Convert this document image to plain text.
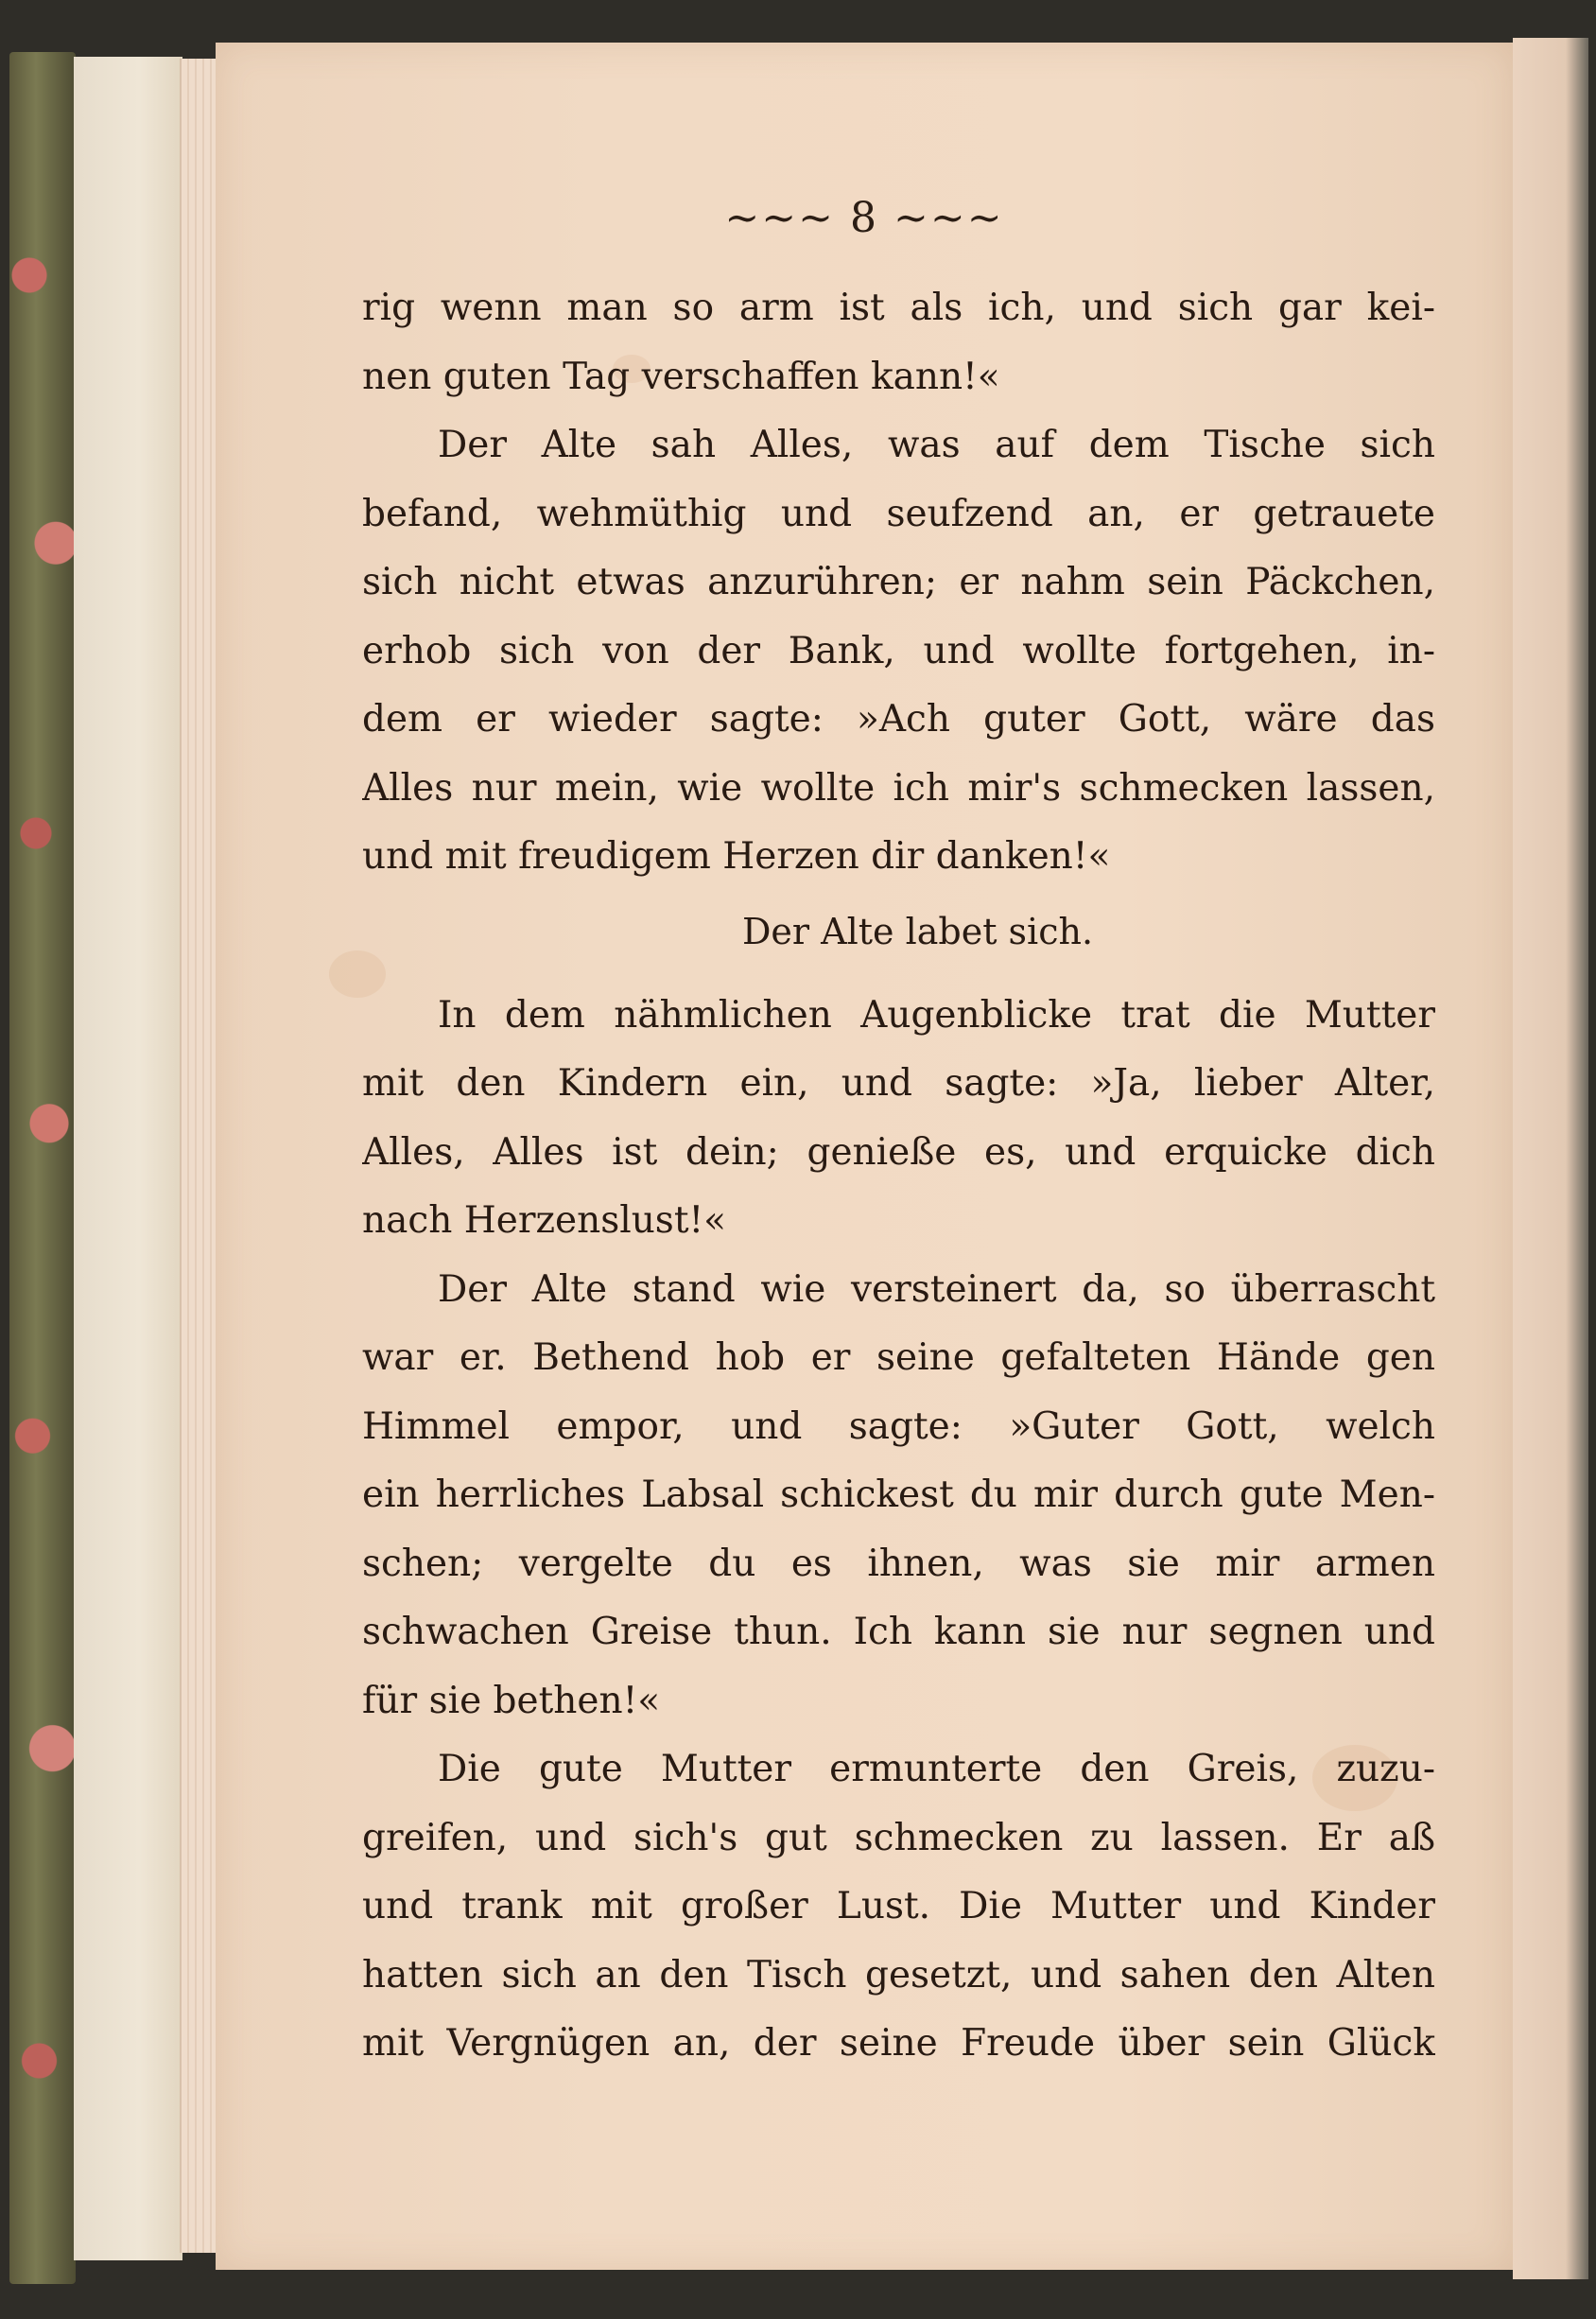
~~~ 8 ~~~
rig wenn man so arm ist als ich, und sich gar kei-
nen guten Tag verschaffen kann!«
Der Alte sah Alles, was auf dem Tische sich
befand, wehmüthig und seufzend an, er getrauete
sich nicht etwas anzurühren; er nahm sein Päckchen,
erhob sich von der Bank, und wollte fortgehen, in-
dem er wieder sagte: »Ach guter Gott, wäre das
Alles nur mein, wie wollte ich mir's schmecken lassen,
und mit freudigem Herzen dir danken!«
Der Alte labet sich.
In dem nähmlichen Augenblicke trat die Mutter
mit den Kindern ein, und sagte: »Ja, lieber Alter,
Alles, Alles ist dein; genieße es, und erquicke dich
nach Herzenslust!«
Der Alte stand wie versteinert da, so überrascht
war er. Bethend hob er seine gefalteten Hände gen
Himmel empor, und sagte: »Guter Gott, welch
ein herrliches Labsal schickest du mir durch gute Men-
schen; vergelte du es ihnen, was sie mir armen
schwachen Greise thun. Ich kann sie nur segnen und
für sie bethen!«
Die gute Mutter ermunterte den Greis, zuzu-
greifen, und sich's gut schmecken zu lassen. Er aß
und trank mit großer Lust. Die Mutter und Kinder
hatten sich an den Tisch gesetzt, und sahen den Alten
mit Vergnügen an, der seine Freude über sein Glück
